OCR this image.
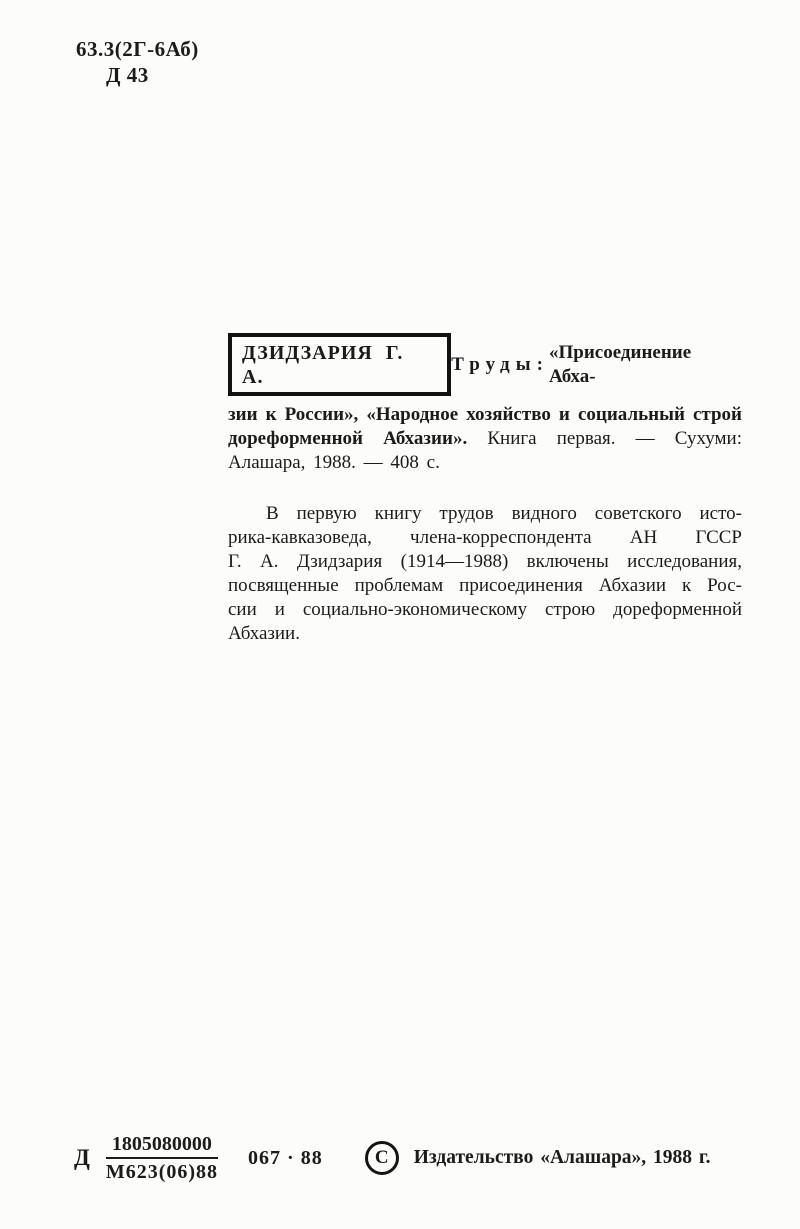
63.3(2Г-6Аб)
Д 43
ДЗИДЗАРИЯ Г. А.
Труды:
«Присоединение Абха-
зии к России», «Народное хозяйство и социальный строй
дореформенной Абхазии». Книга первая. — Сухуми:
Алашара, 1988. — 408 с.
В первую книгу трудов видного советского исто-
рика-кавказоведа, члена-корреспондента АН ГССР
Г. А. Дзидзария (1914—1988) включены исследования,
посвященные проблемам присоединения Абхазии к Рос-
сии и социально-экономическому строю дореформенной
Абхазии.
Д $\frac{1805080000}{М623(06)88} 067 \cdot 88$	С	Издательство «Алашара», 1988 г.
